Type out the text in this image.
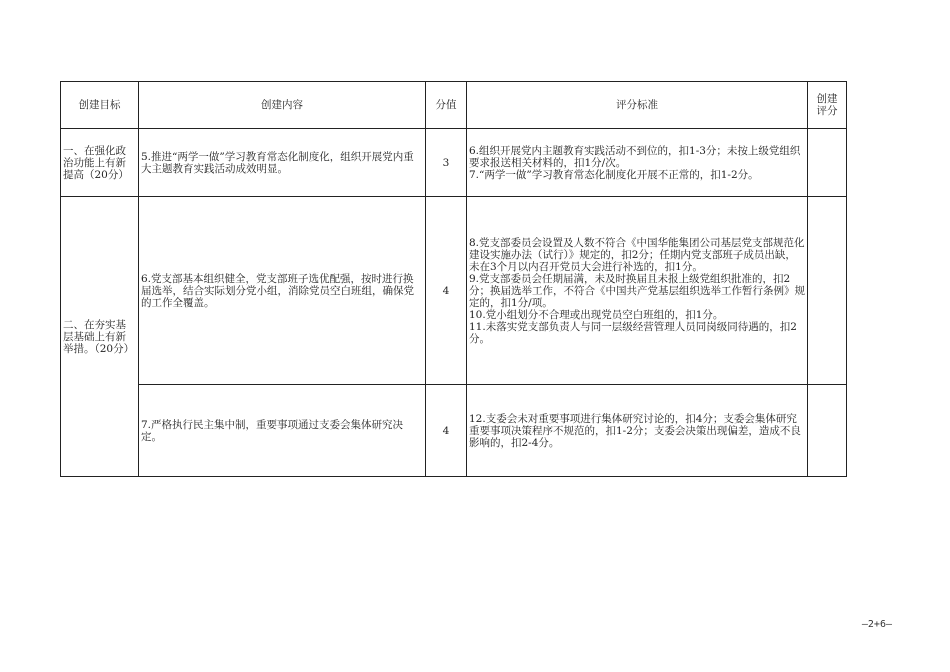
创建目标	创建内容	分值	评分标准	创建评分
一、在强化政治功能上有新提高（20分）	5.推进“两学一做”学习教育常态化制度化，组织开展党内重大主题教育实践活动成效明显。	3	6.组织开展党内主题教育实践活动不到位的，扣1-3分；未按上级党组织要求报送相关材料的，扣1分/次。
7.“两学一做”学习教育常态化制度化开展不正常的，扣1-2分。	

二、在夯实基层基础上有新举措。（20分）	6.党支部基本组织健全，党支部班子选优配强，按时进行换届选举，结合实际划分党小组，消除党员空白班组，确保党的工作全覆盖。	4	8.党支部委员会设置及人数不符合《中国华能集团公司基层党支部规范化建设实施办法（试行）》规定的，扣2分；任期内党支部班子成员出缺，未在3个月以内召开党员大会进行补选的，扣1分。
9.党支部委员会任期届满，未及时换届且未报上级党组织批准的，扣2分；换届选举工作，不符合《中国共产党基层组织选举工作暂行条例》规定的，扣1分/项。
10.党小组划分不合理或出现党员空白班组的，扣1分。
11.未落实党支部负责人与同一层级经营管理人员同岗级同待遇的，扣2分。	

	7.严格执行民主集中制，重要事项通过支委会集体研究决定。	4	12.支委会未对重要事项进行集体研究讨论的，扣4分；支委会集体研究重要事项决策程序不规范的，扣1-2分；支委会决策出现偏差，造成不良影响的，扣2-4分。	

—2+6—
